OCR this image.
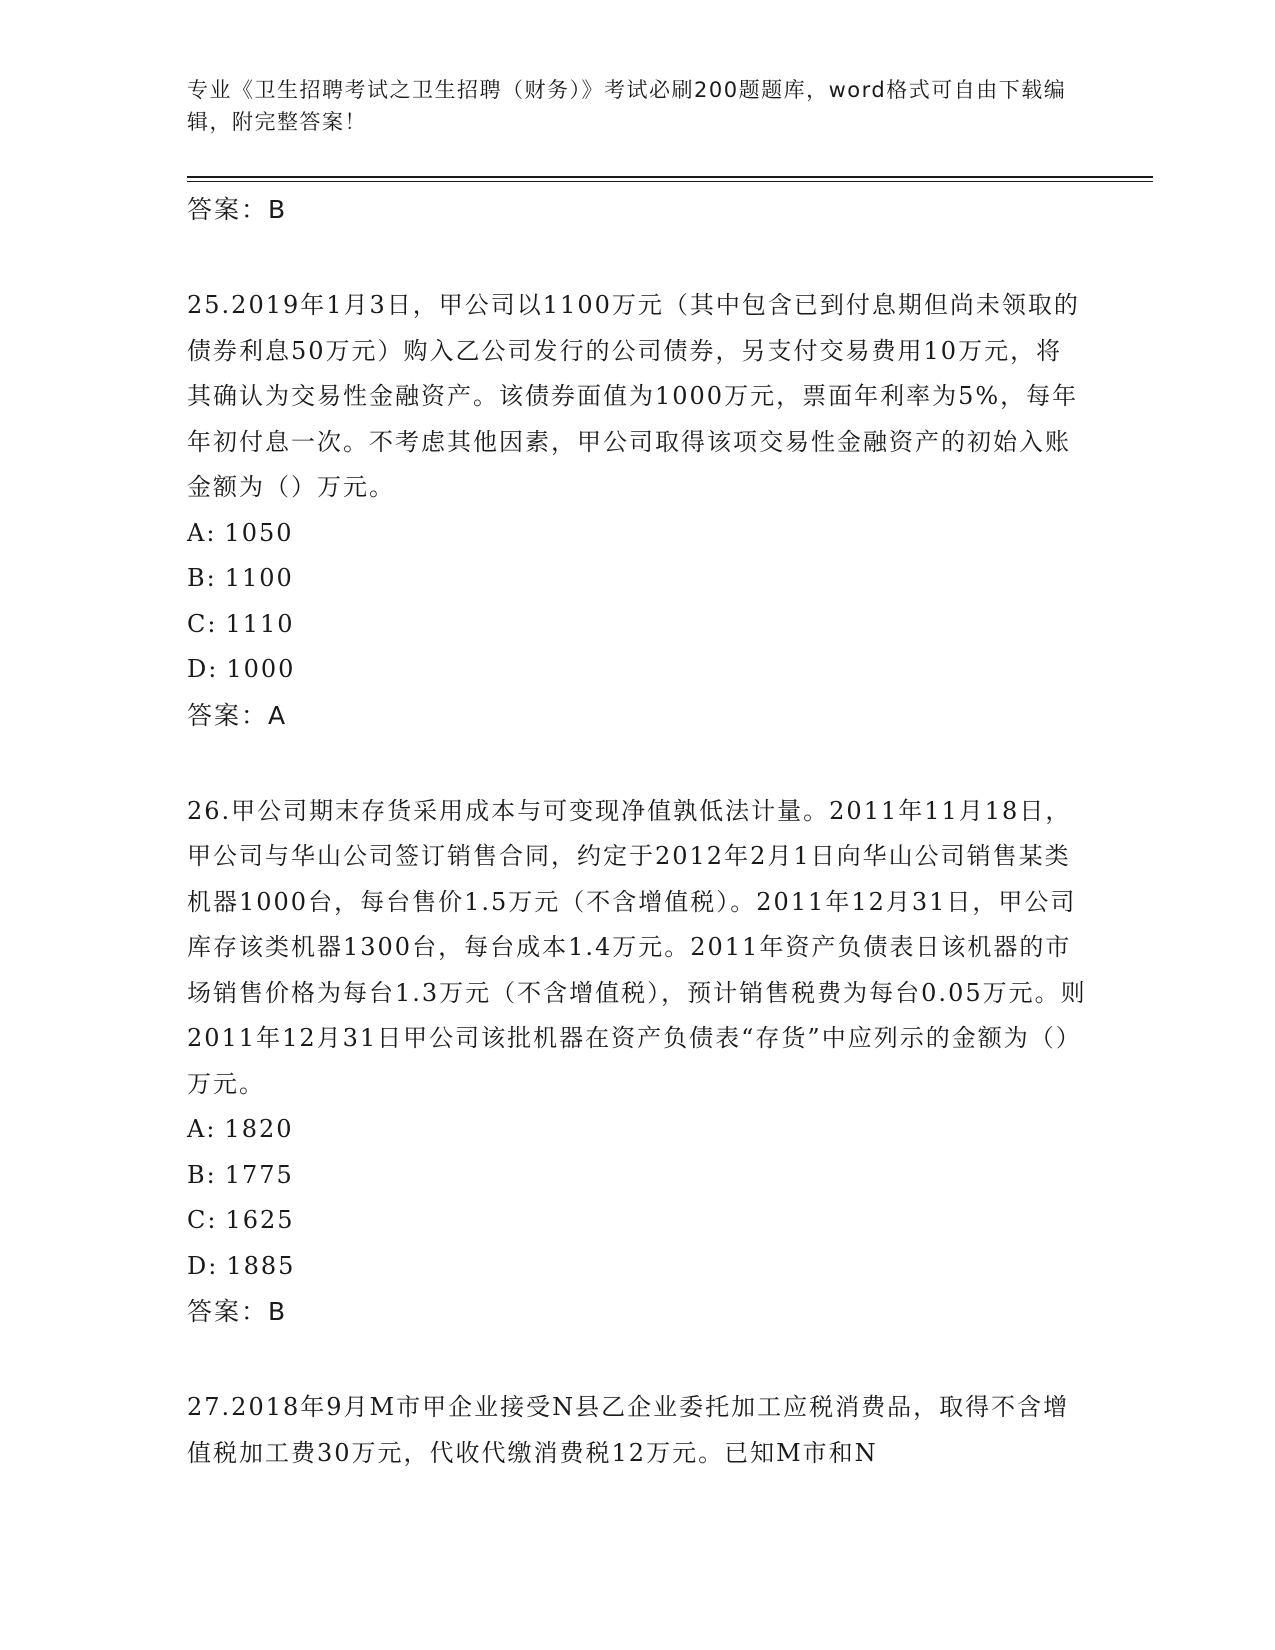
专业《卫生招聘考试之卫生招聘（财务）》考试必刷200题题库，word格式可自由下载编辑，附完整答案！
答案：B

25.2019年1月3日，甲公司以1100万元（其中包含已到付息期但尚未领取的债券利息50万元）购入乙公司发行的公司债券，另支付交易费用10万元，将其确认为交易性金融资产。该债券面值为1000万元，票面年利率为5%，每年年初付息一次。不考虑其他因素，甲公司取得该项交易性金融资产的初始入账金额为（）万元。

A: 1050
B: 1100
C: 1110
D: 1000
答案：A

26.甲公司期末存货采用成本与可变现净值孰低法计量。2011年11月18日，甲公司与华山公司签订销售合同，约定于2012年2月1日向华山公司销售某类机器1000台，每台售价1.5万元（不含增值税）。2011年12月31日，甲公司库存该类机器1300台，每台成本1.4万元。2011年资产负债表日该机器的市场销售价格为每台1.3万元（不含增值税），预计销售税费为每台0.05万元。则2011年12月31日甲公司该批机器在资产负债表“存货”中应列示的金额为（）万元。

A: 1820
B: 1775
C: 1625
D: 1885
答案：B

27.2018年9月M市甲企业接受N县乙企业委托加工应税消费品，取得不含增值税加工费30万元，代收代缴消费税12万元。已知M市和N
